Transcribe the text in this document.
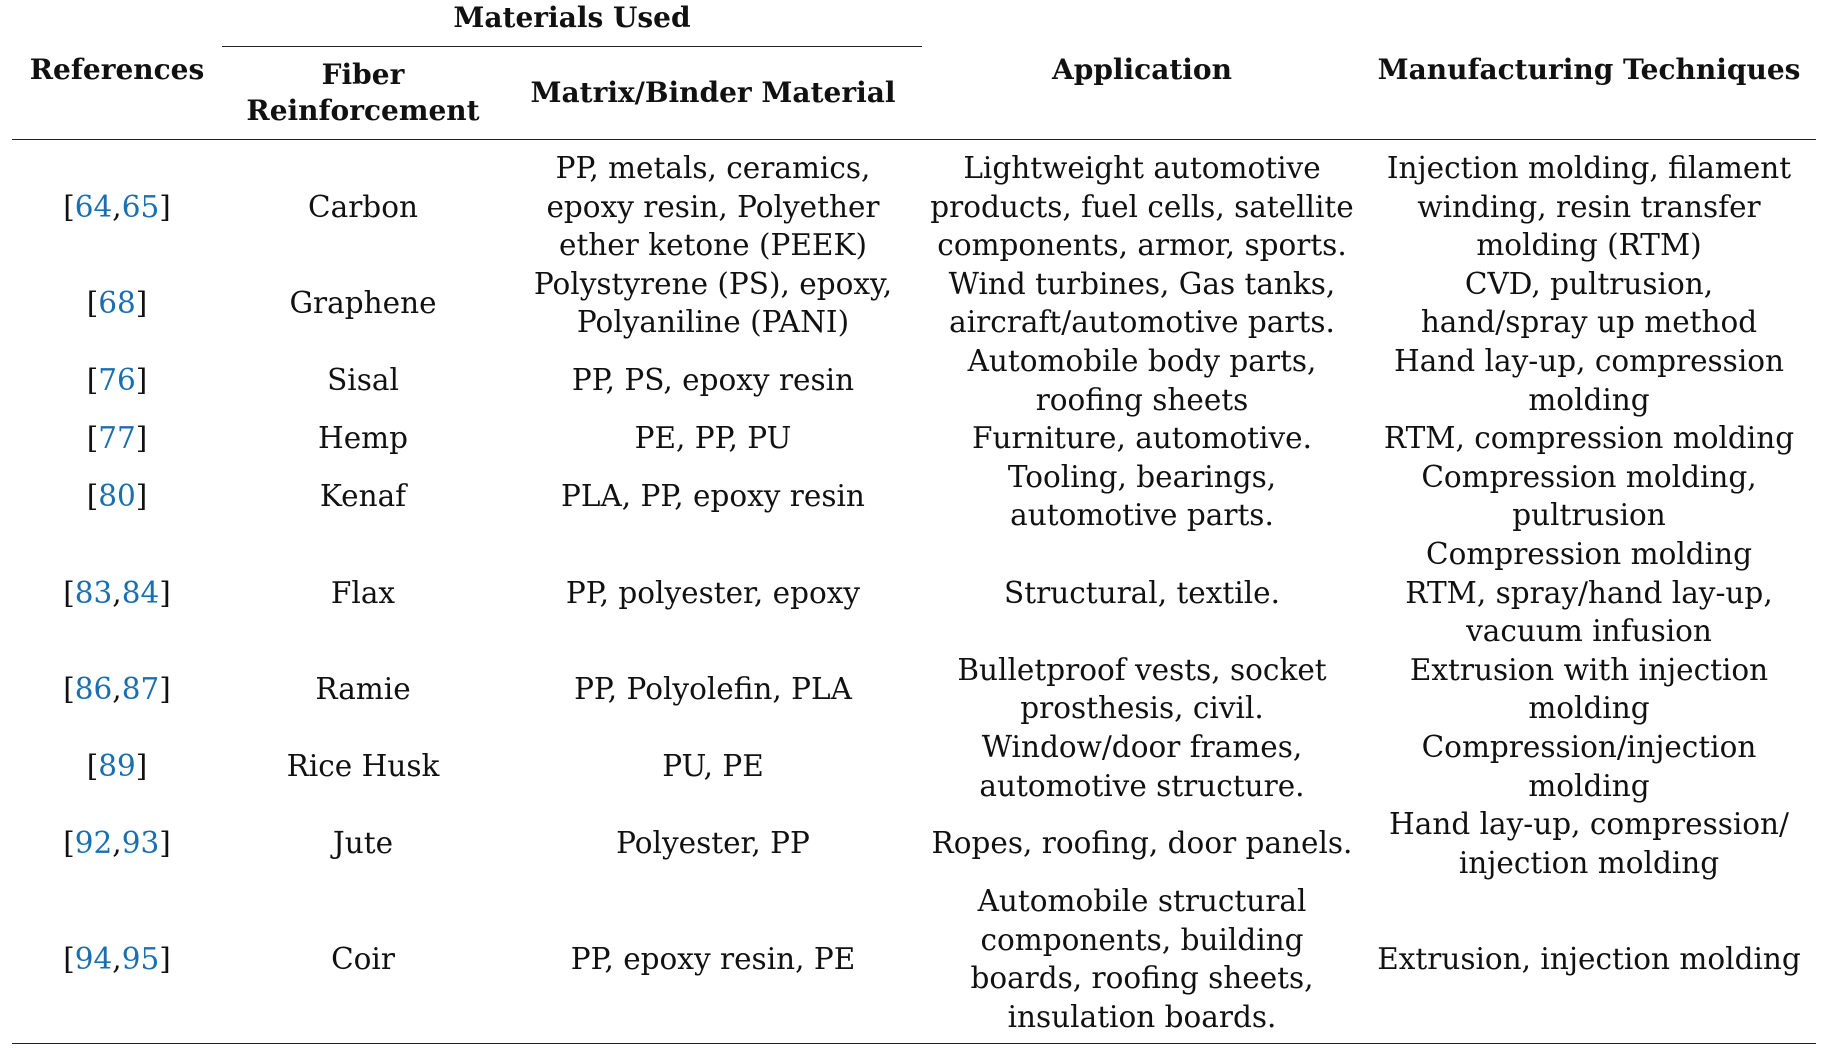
References	Materials Used		Application	Manufacturing Techniques

	Fiber
Reinforcement	Matrix/Binder Material		

[64,65]	Carbon	PP, metals, ceramics,
epoxy resin, Polyether
ether ketone (PEEK)	Lightweight automotive
products, fuel cells, satellite
components, armor, sports.	Injection molding, filament
winding, resin transfer
molding (RTM)

[68]	Graphene	Polystyrene (PS), epoxy,
Polyaniline (PANI)	Wind turbines, Gas tanks,
aircraft/automotive parts.	CVD, pultrusion,
hand/spray up method

[76]	Sisal	PP, PS, epoxy resin	Automobile body parts,
roofing sheets	Hand lay-up, compression
molding

[77]	Hemp	PE, PP, PU	Furniture, automotive.	RTM, compression molding

[80]	Kenaf	PLA, PP, epoxy resin	Tooling, bearings,
automotive parts.	Compression molding,
pultrusion

[83,84]	Flax	PP, polyester, epoxy	Structural, textile.	Compression molding
RTM, spray/hand lay-up,
vacuum infusion

[86,87]	Ramie	PP, Polyolefin, PLA	Bulletproof vests, socket
prosthesis, civil.	Extrusion with injection
molding

[89]	Rice Husk	PU, PE	Window/door frames,
automotive structure.	Compression/injection
molding

[92,93]	Jute	Polyester, PP	Ropes, roofing, door panels.	Hand lay-up, compression/
injection molding

[94,95]	Coir	PP, epoxy resin, PE	Automobile structural
components, building
boards, roofing sheets,
insulation boards.	Extrusion, injection molding
